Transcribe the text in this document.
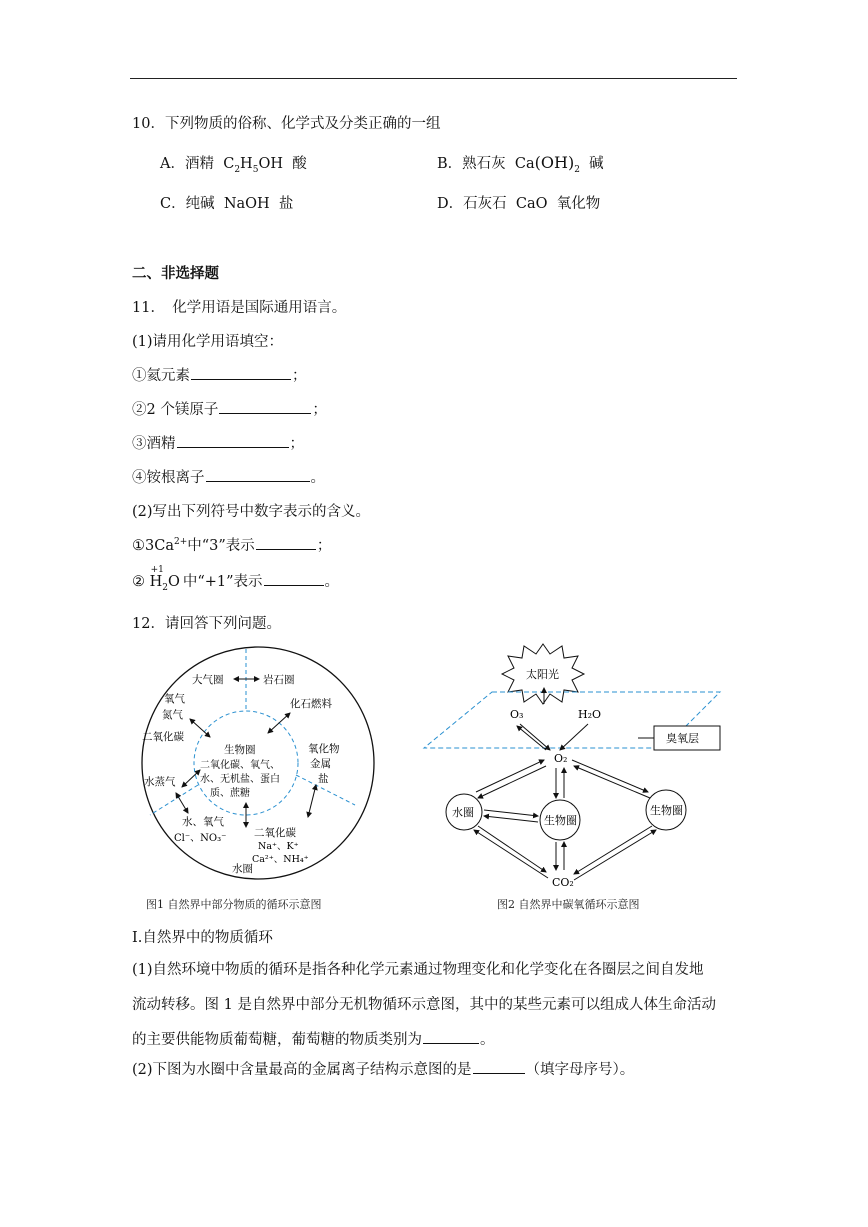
10．下列物质的俗称、化学式及分类正确的一组
A．酒精 $C_2H_5OH$ 酸	B．熟石灰 $Ca(OH)_2$ 碱
C．纯碱 NaOH 盐	D．石灰石 CaO 氧化物
二、非选择题
11．　化学用语是国际通用语言。
(1)请用化学用语填空：
①氦元素	；
②2 个镁原子	；
③酒精	；
④铵根离子	。
(2)写出下列符号中数字表示的含义。
$①3Ca^{2+}$中“3”表示	；
②
+1
$H_2O$ 中“+1”表示	。
12．请回答下列问题。
大气圈	岩石圈
氧气
氮气
二氧化碳
化石燃料
氧化物
金属
盐
水蒸气
生物圈
二氧化碳、氧气、
水、无机盐、蛋白
质、蔗糖
水、氧气
Cl⁻、NO₃⁻	二氧化碳
Na⁺、K⁺
Ca²⁺、NH₄⁺
水圈
图1 自然界中部分物质的循环示意图
太阳光
O₃	H₂O
臭氧层
O₂
水圈
生物圈
生物圈
CO₂
图2 自然界中碳氧循环示意图
I.自然界中的物质循环
(1)自然环境中物质的循环是指各种化学元素通过物理变化和化学变化在各圈层之间自发地
流动转移。图 1 是自然界中部分无机物循环示意图，其中的某些元素可以组成人体生命活动
的主要供能物质葡萄糖，葡萄糖的物质类别为	。
(2)下图为水圈中含量最高的金属离子结构示意图的是	（填字母序号）。
